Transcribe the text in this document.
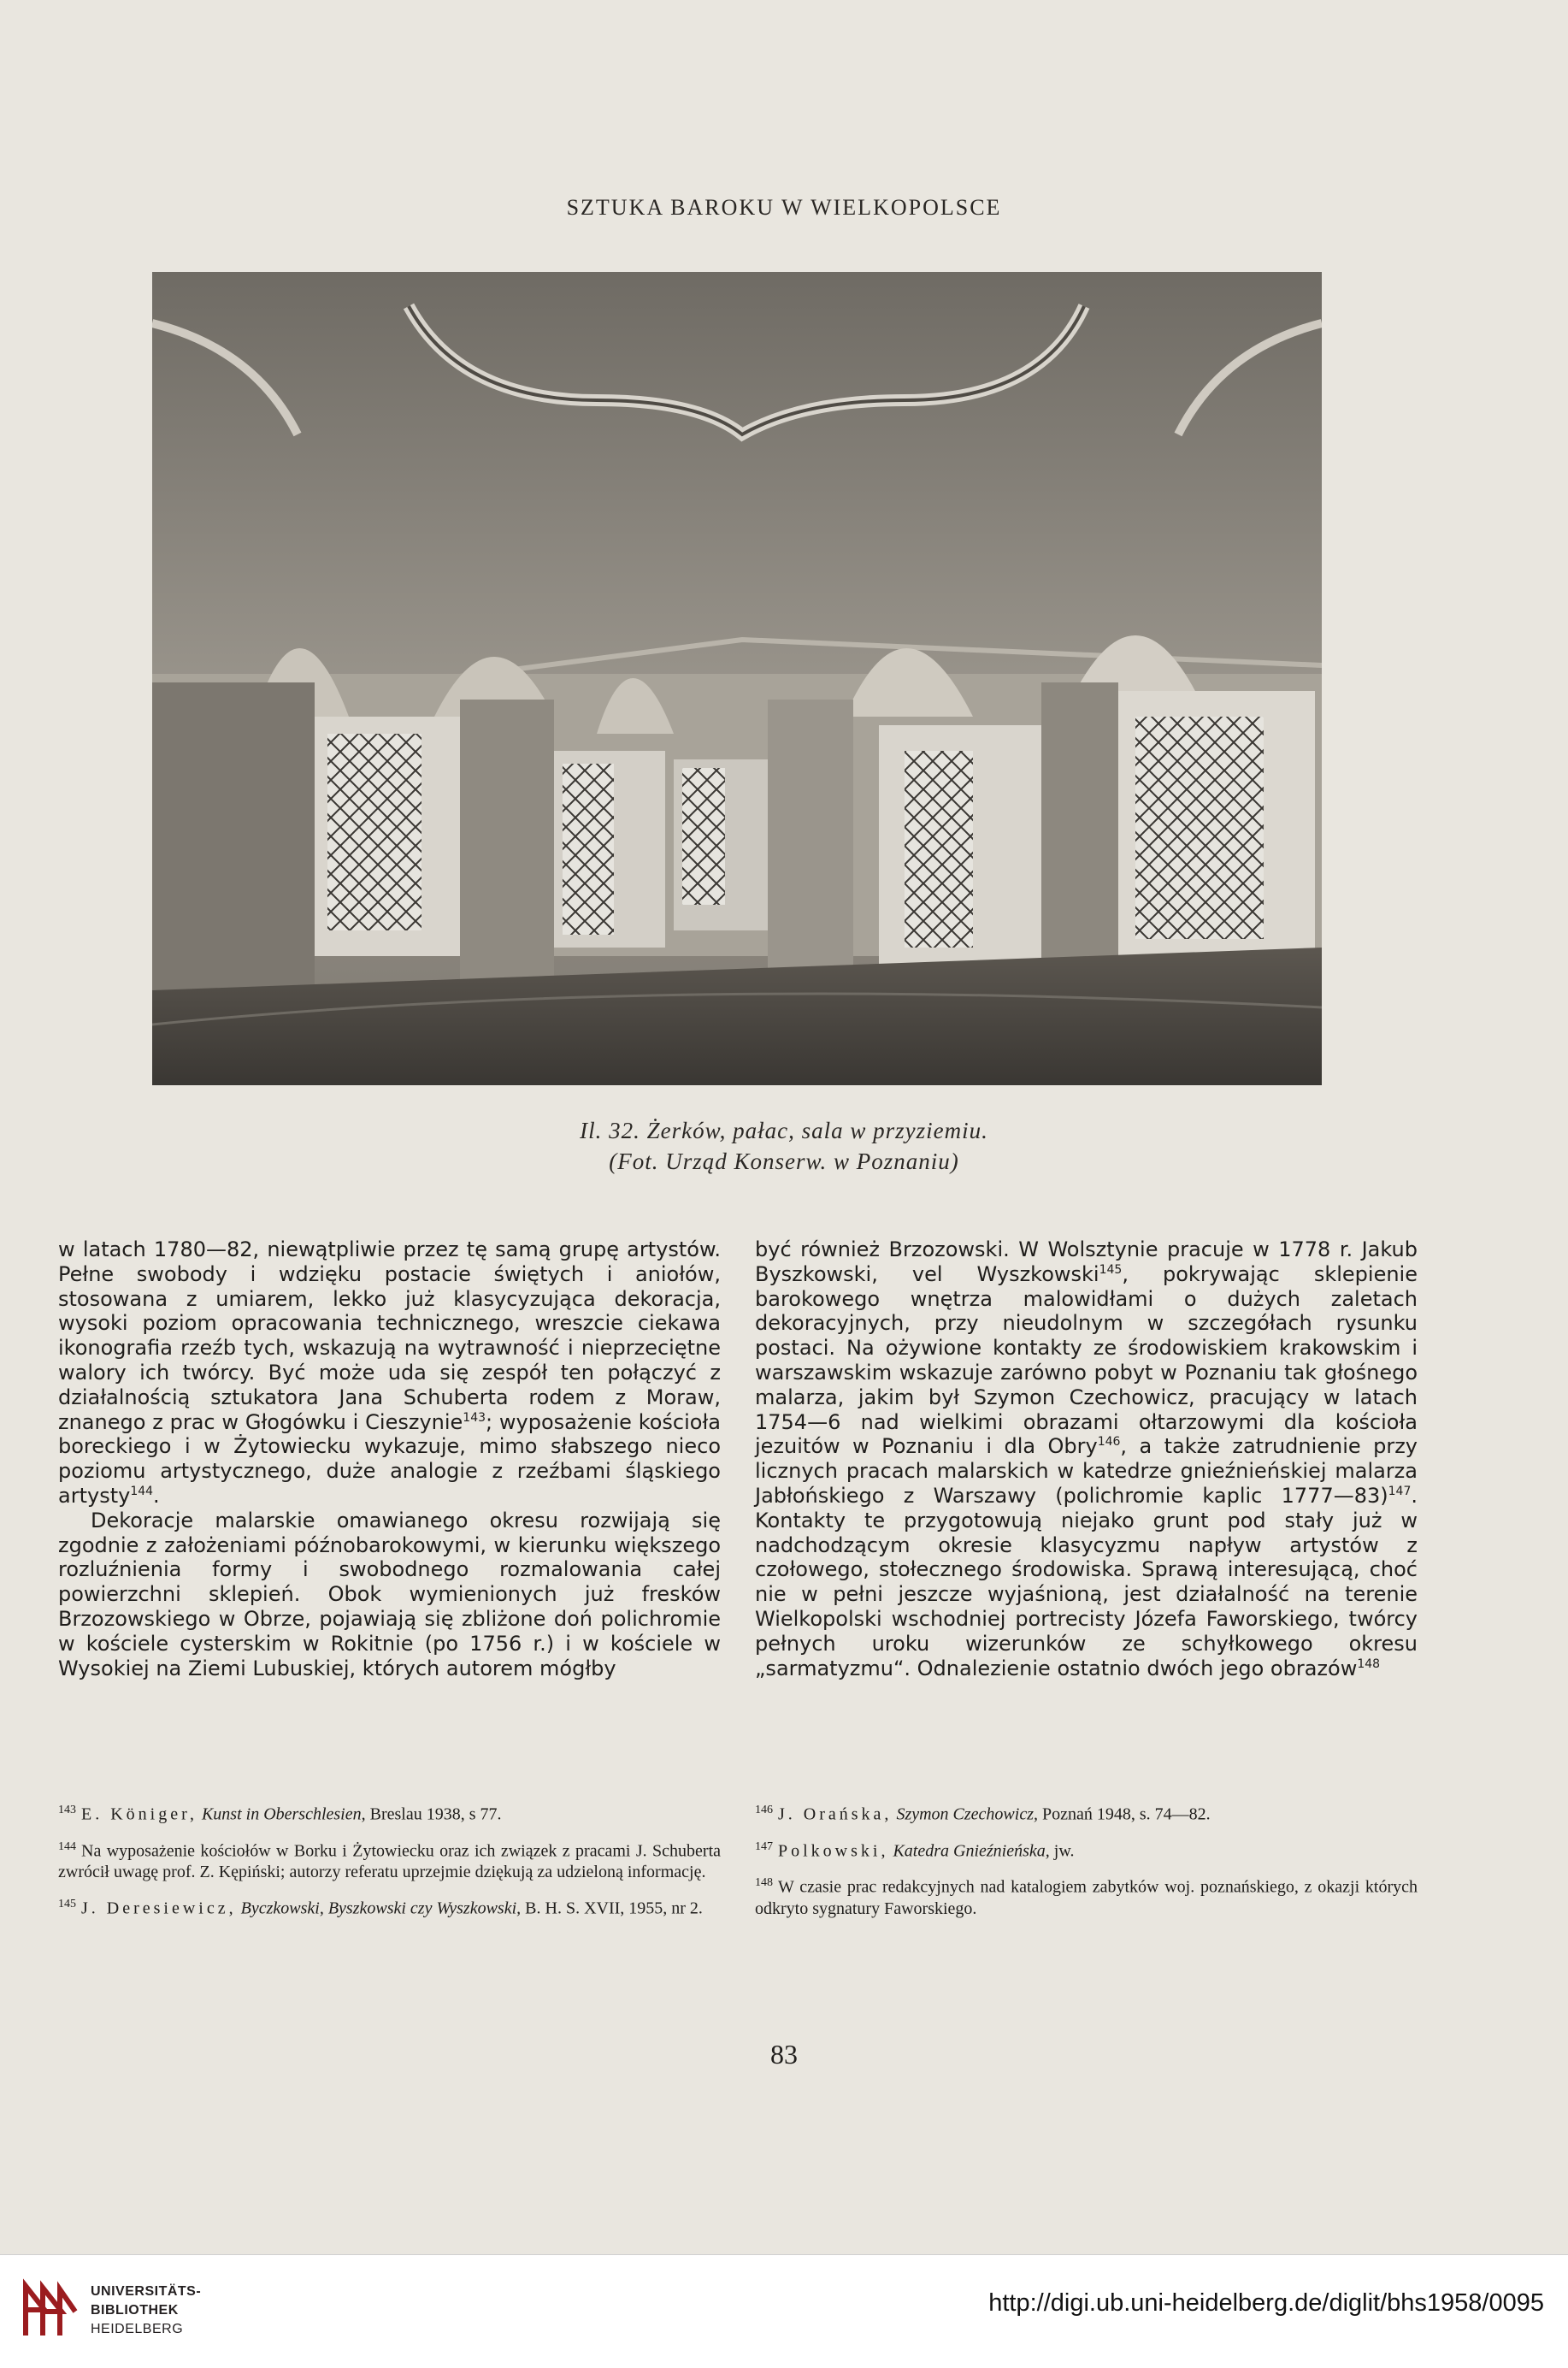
SZTUKA BAROKU W WIELKOPOLSCE
Il. 32. Żerków, pałac, sala w przyziemiu.
(Fot. Urząd Konserw. w Poznaniu)

w latach 1780—82, niewątpliwie przez tę samą grupę artystów. Pełne swobody i wdzięku postacie świętych i aniołów, stosowana z umiarem, lekko już klasycyzująca dekoracja, wysoki poziom opracowania technicznego, wreszcie ciekawa ikonografia rzeźb tych, wskazują na wytrawność i nieprzeciętne walory ich twórcy. Być może uda się zespół ten połączyć z działalnością sztukatora Jana Schuberta rodem z Moraw, znanego z prac w Głogówku i Cieszynie$^{143}$; wyposażenie kościoła boreckiego i w Żytowiecku wykazuje, mimo słabszego nieco poziomu artystycznego, duże analogie z rzeźbami śląskiego artysty$^{144}$.

Dekoracje malarskie omawianego okresu rozwijają się zgodnie z założeniami późnobarokowymi, w kierunku większego rozluźnienia formy i swobodnego rozmalowania całej powierzchni sklepień. Obok wymienionych już fresków Brzozowskiego w Obrze, pojawiają się zbliżone doń polichromie w kościele cysterskim w Rokitnie (po 1756 r.) i w kościele w Wysokiej na Ziemi Lubuskiej, których autorem mógłby

być również Brzozowski. W Wolsztynie pracuje w 1778 r. Jakub Byszkowski, vel Wyszkowski$^{145}$, pokrywając sklepienie barokowego wnętrza malowidłami o dużych zaletach dekoracyjnych, przy nieudolnym w szczegółach rysunku postaci. Na ożywione kontakty ze środowiskiem krakowskim i warszawskim wskazuje zarówno pobyt w Poznaniu tak głośnego malarza, jakim był Szymon Czechowicz, pracujący w latach 1754—6 nad wielkimi obrazami ołtarzowymi dla kościoła jezuitów w Poznaniu i dla Obry$^{146}$, a także zatrudnienie przy licznych pracach malarskich w katedrze gnieźnieńskiej malarza Jabłońskiego z Warszawy (polichromie kaplic 1777—83)$^{147}$. Kontakty te przygotowują niejako grunt pod stały już w nadchodzącym okresie klasycyzmu napływ artystów z czołowego, stołecznego środowiska. Sprawą interesującą, choć nie w pełni jeszcze wyjaśnioną, jest działalność na terenie Wielkopolski wschodniej portrecisty Józefa Faworskiego, twórcy pełnych uroku wizerunków ze schyłkowego okresu „sarmatyzmu“. Odnalezienie ostatnio dwóch jego obrazów$^{148}$

$^{143}$ E. Königer, Kunst in Oberschlesien, Breslau 1938, s 77.

$^{144}$ Na wyposażenie kościołów w Borku i Żytowiecku oraz ich związek z pracami J. Schuberta zwrócił uwagę prof. Z. Kępiński; autorzy referatu uprzejmie dziękują za udzieloną informację.

$^{145}$ J. Deresiewicz, Byczkowski, Byszkowski czy Wyszkowski, B. H. S. XVII, 1955, nr 2.

$^{146}$ J. Orańska, Szymon Czechowicz, Poznań 1948, s. 74—82.

$^{147}$ Polkowski, Katedra Gnieźnieńska, jw.

$^{148}$ W czasie prac redakcyjnych nad katalogiem zabytków woj. poznańskiego, z okazji których odkryto sygnatury Faworskiego.

83
UNIVERSITÄTS-
BIBLIOTHEK
HEIDELBERG
http://digi.ub.uni-heidelberg.de/diglit/bhs1958/0095
